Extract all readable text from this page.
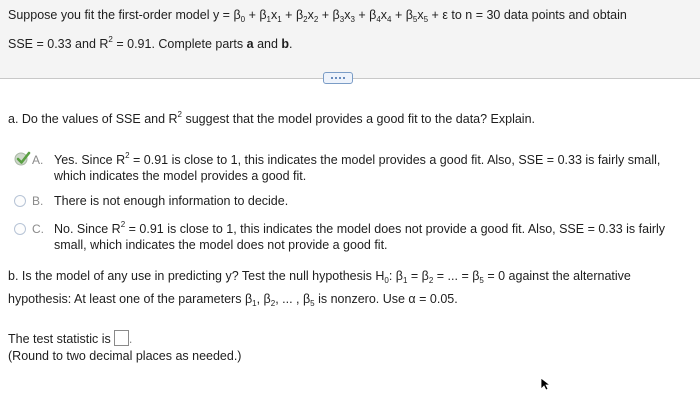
Suppose you fit the first-order model $y = \beta_0 + \beta_1x_1 + \beta_2x_2 + \beta_3x_3 + \beta_4x_4 + \beta_5x_5 + \varepsilon$ to n = 30 data points and obtain
SSE = 0.33 and $R^2 = 0.91$. Complete parts a and b.
a. Do the values of SSE and $R^2$ suggest that the model provides a good fit to the data? Explain.
A. Yes. Since $R^2 = 0.91$ is close to 1, this indicates the model provides a good fit. Also, SSE = 0.33 is fairly small,
which indicates the model provides a good fit.
B. There is not enough information to decide.
C. No. Since $R^2 = 0.91$ is close to 1, this indicates the model does not provide a good fit. Also, SSE = 0.33 is fairly
small, which indicates the model does not provide a good fit.
b. Is the model of any use in predicting y? Test the null hypothesis $H_0$: $\beta_1 = \beta_2$ = ... = $\beta_5 = 0$ against the alternative
hypothesis: At least one of the parameters $\beta_1$, $\beta_2$, ... , $\beta_5$ is nonzero. Use α = 0.05.
The test statistic is .
(Round to two decimal places as needed.)
